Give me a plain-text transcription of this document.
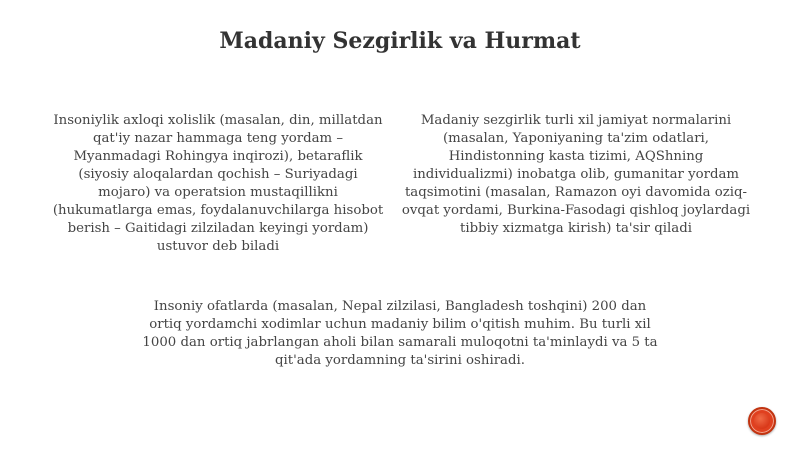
Madaniy Sezgirlik va Hurmat

Insoniylik axloqi xolislik (masalan, din, millatdan qat'iy nazar hammaga teng yordam – Myanmadagi Rohingya inqirozi), betaraflik (siyosiy aloqalardan qochish – Suriyadagi mojaro) va operatsion mustaqillikni (hukumatlarga emas, foydalanuvchilarga hisobot berish – Gaitidagi zilziladan keyingi yordam) ustuvor deb biladi

Madaniy sezgirlik turli xil jamiyat normalarini (masalan, Yaponiyaning ta'zim odatlari, Hindistonning kasta tizimi, AQShning individualizmi) inobatga olib, gumanitar yordam taqsimotini (masalan, Ramazon oyi davomida oziq-ovqat yordami, Burkina-Fasodagi qishloq joylardagi tibbiy xizmatga kirish) ta'sir qiladi

Insoniy ofatlarda (masalan, Nepal zilzilasi, Bangladesh toshqini) 200 dan ortiq yordamchi xodimlar uchun madaniy bilim o'qitish muhim. Bu turli xil 1000 dan ortiq jabrlangan aholi bilan samarali muloqotni ta'minlaydi va 5 ta qit'ada yordamning ta'sirini oshiradi.
